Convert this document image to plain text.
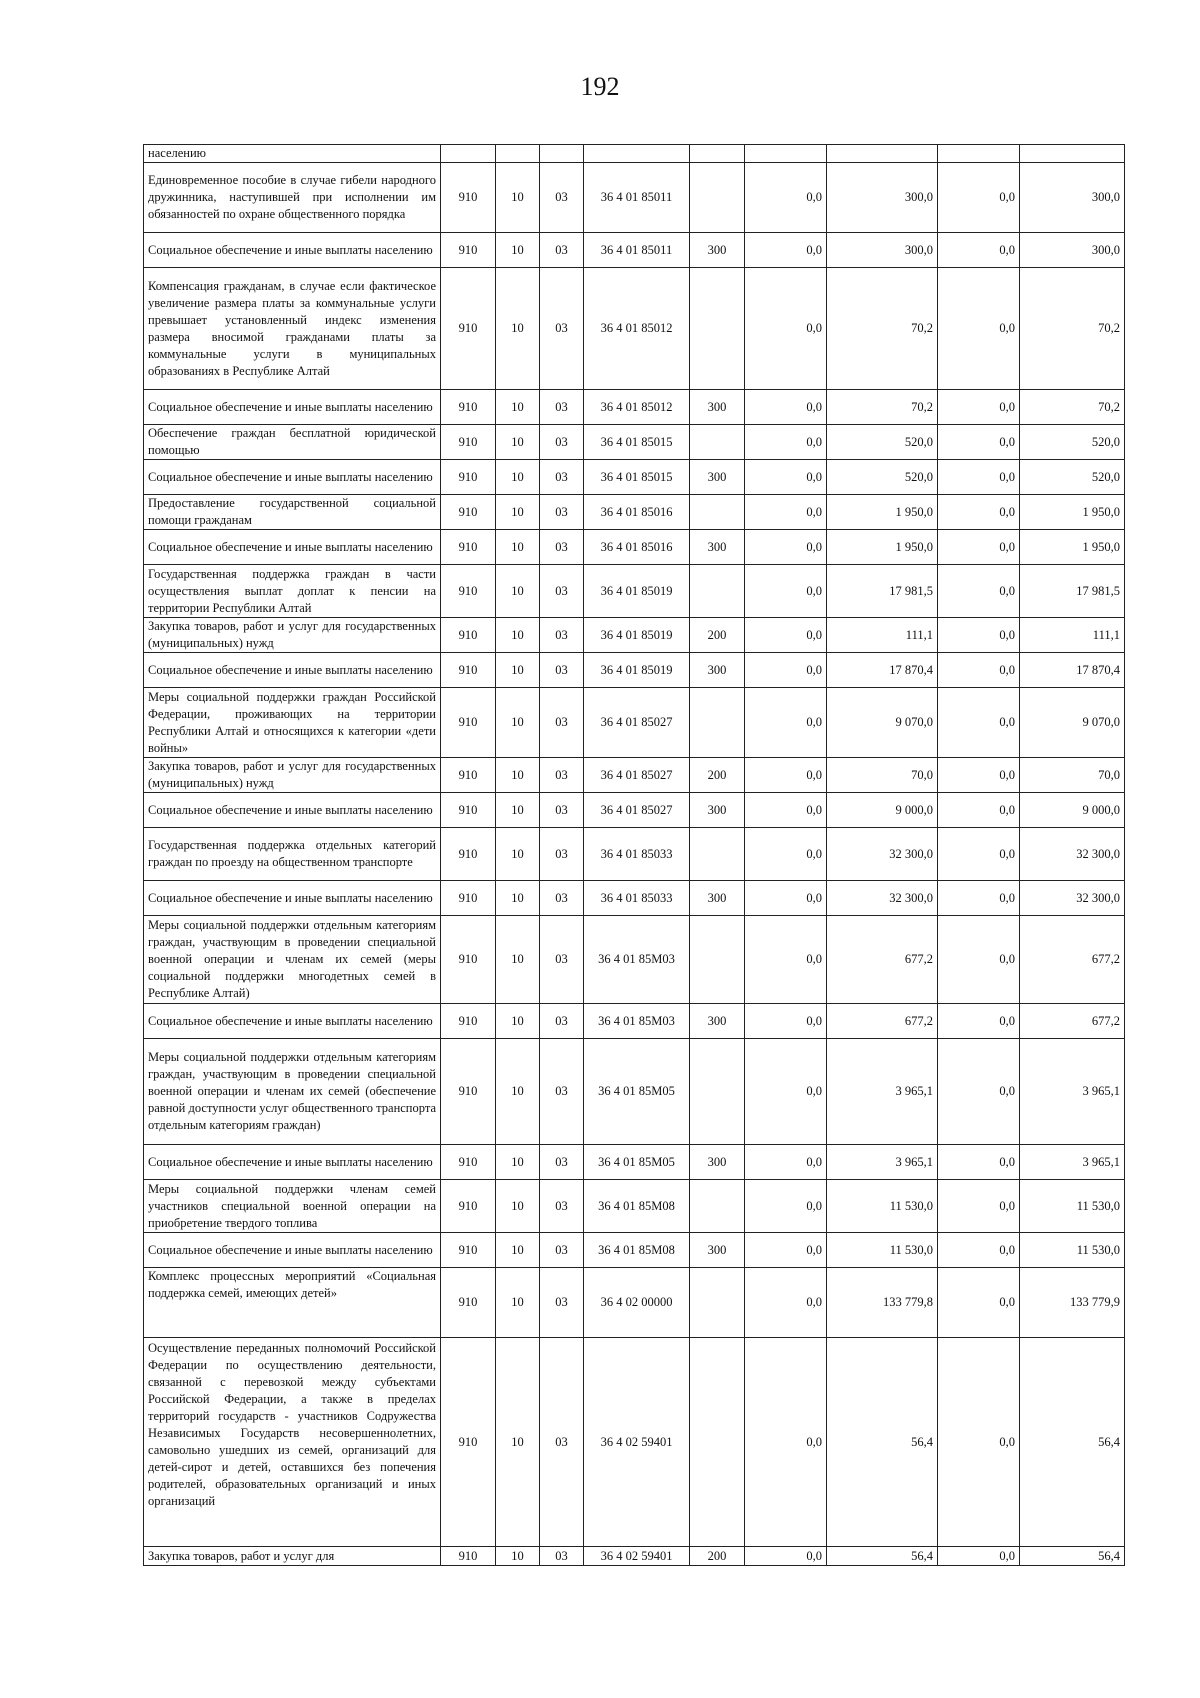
192
населению									
Единовременное пособие в случае гибели народного дружинника, наступившей при исполнении им обязанностей по охране общественного порядка	910	10	03	36 4 01 85011		0,0	300,0	0,0	300,0
Социальное обеспечение и иные выплаты населению	910	10	03	36 4 01 85011	300	0,0	300,0	0,0	300,0
Компенсация гражданам, в случае если фактическое увеличение размера платы за коммунальные услуги превышает установленный индекс изменения размера вносимой гражданами платы за коммунальные услуги в муниципальных образованиях в Республике Алтай	910	10	03	36 4 01 85012		0,0	70,2	0,0	70,2
Социальное обеспечение и иные выплаты населению	910	10	03	36 4 01 85012	300	0,0	70,2	0,0	70,2
Обеспечение граждан бесплатной юридической помощью	910	10	03	36 4 01 85015		0,0	520,0	0,0	520,0
Социальное обеспечение и иные выплаты населению	910	10	03	36 4 01 85015	300	0,0	520,0	0,0	520,0
Предоставление государственной социальной помощи гражданам	910	10	03	36 4 01 85016		0,0	1 950,0	0,0	1 950,0
Социальное обеспечение и иные выплаты населению	910	10	03	36 4 01 85016	300	0,0	1 950,0	0,0	1 950,0
Государственная поддержка граждан в части осуществления выплат доплат к пенсии на территории Республики Алтай	910	10	03	36 4 01 85019		0,0	17 981,5	0,0	17 981,5
Закупка товаров, работ и услуг для государственных (муниципальных) нужд	910	10	03	36 4 01 85019	200	0,0	111,1	0,0	111,1
Социальное обеспечение и иные выплаты населению	910	10	03	36 4 01 85019	300	0,0	17 870,4	0,0	17 870,4
Меры социальной поддержки граждан Российской Федерации, проживающих на территории Республики Алтай и относящихся к категории «дети войны»	910	10	03	36 4 01 85027		0,0	9 070,0	0,0	9 070,0
Закупка товаров, работ и услуг для государственных (муниципальных) нужд	910	10	03	36 4 01 85027	200	0,0	70,0	0,0	70,0
Социальное обеспечение и иные выплаты населению	910	10	03	36 4 01 85027	300	0,0	9 000,0	0,0	9 000,0
Государственная поддержка отдельных категорий граждан по проезду на общественном транспорте	910	10	03	36 4 01 85033		0,0	32 300,0	0,0	32 300,0
Социальное обеспечение и иные выплаты населению	910	10	03	36 4 01 85033	300	0,0	32 300,0	0,0	32 300,0
Меры социальной поддержки отдельным категориям граждан, участвующим в проведении специальной военной операции и членам их семей (меры социальной поддержки многодетных семей в Республике Алтай)	910	10	03	36 4 01 85М03		0,0	677,2	0,0	677,2
Социальное обеспечение и иные выплаты населению	910	10	03	36 4 01 85М03	300	0,0	677,2	0,0	677,2
Меры социальной поддержки отдельным категориям граждан, участвующим в проведении специальной военной операции и членам их семей (обеспечение равной доступности услуг общественного транспорта отдельным категориям граждан)	910	10	03	36 4 01 85М05		0,0	3 965,1	0,0	3 965,1
Социальное обеспечение и иные выплаты населению	910	10	03	36 4 01 85М05	300	0,0	3 965,1	0,0	3 965,1
Меры социальной поддержки членам семей участников специальной военной операции на приобретение твердого топлива	910	10	03	36 4 01 85М08		0,0	11 530,0	0,0	11 530,0
Социальное обеспечение и иные выплаты населению	910	10	03	36 4 01 85М08	300	0,0	11 530,0	0,0	11 530,0
Комплекс процессных мероприятий «Социальная поддержка семей, имеющих детей»	910	10	03	36 4 02 00000		0,0	133 779,8	0,0	133 779,9
Осуществление переданных полномочий Российской Федерации по осуществлению деятельности, связанной с перевозкой между субъектами Российской Федерации, а также в пределах территорий государств - участников Содружества Независимых Государств несовершеннолетних, самовольно ушедших из семей, организаций для детей-сирот и детей, оставшихся без попечения родителей, образовательных организаций и иных организаций	910	10	03	36 4 02 59401		0,0	56,4	0,0	56,4
Закупка товаров, работ и услуг для	910	10	03	36 4 02 59401	200	0,0	56,4	0,0	56,4
